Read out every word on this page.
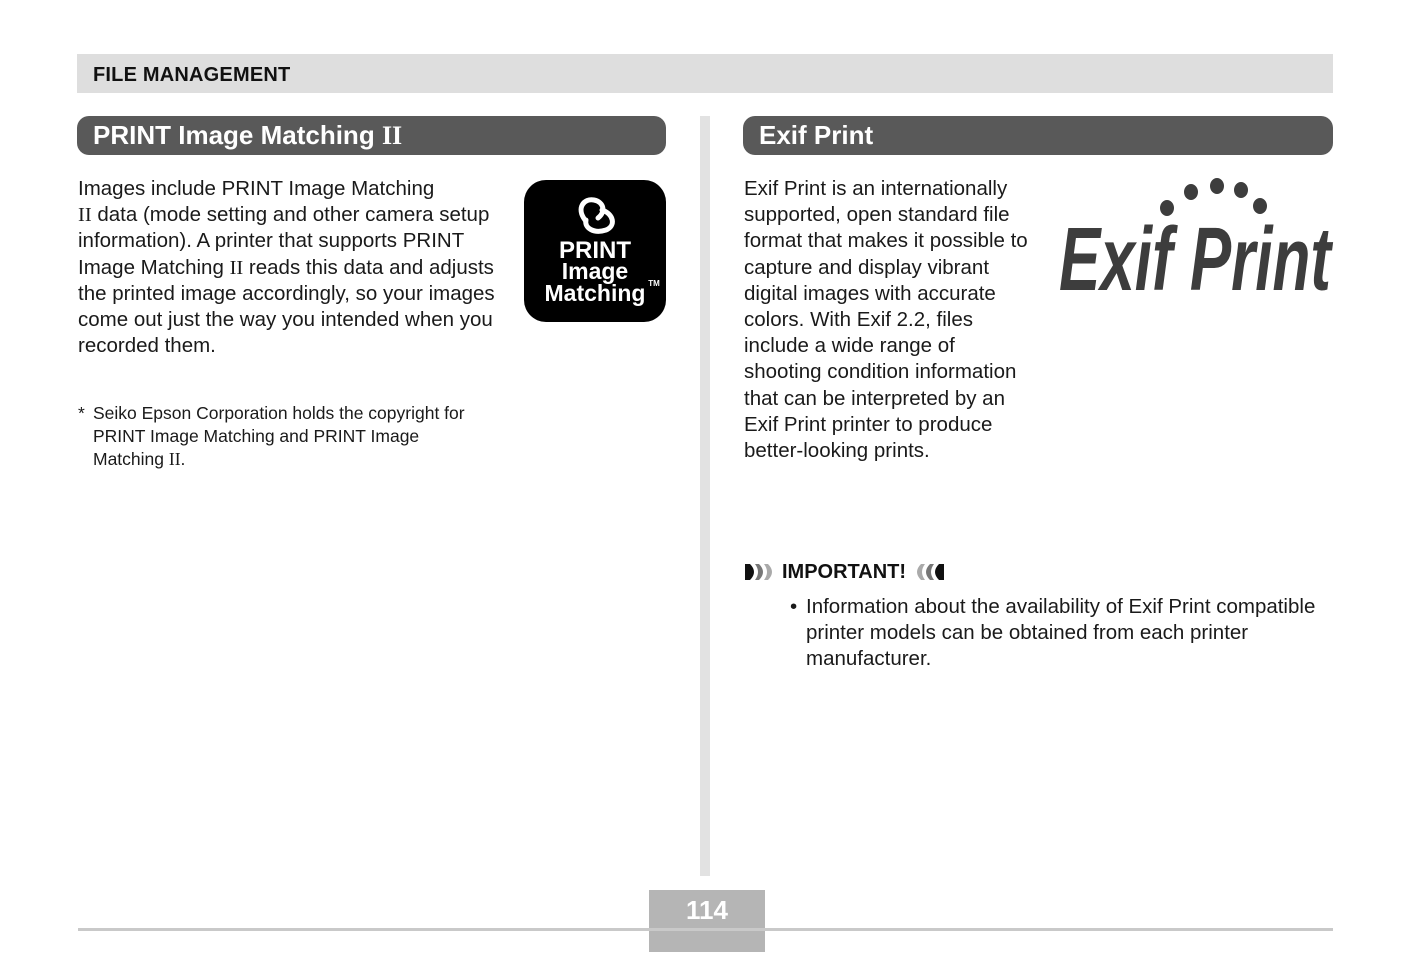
FILE MANAGEMENT
PRINT Image Matching II
Images include PRINT Image Matching
II data (mode setting and other camera setup information). A printer that supports PRINT Image Matching II reads this data and adjusts the printed image accordingly, so your images come out just the way you intended when you recorded them.
* Seiko Epson Corporation holds the copyright for PRINT Image Matching and PRINT Image Matching II.
PRINT
Image
Matching TM
Exif Print
Exif Print is an internationally supported, open standard file format that makes it possible to capture and display vibrant digital images with accurate colors. With Exif 2.2, files include a wide range of shooting condition information that can be interpreted by an Exif Print printer to produce better-looking prints.
Exif Print
IMPORTANT!
• Information about the availability of Exif Print compatible printer models can be obtained from each printer manufacturer.
114
